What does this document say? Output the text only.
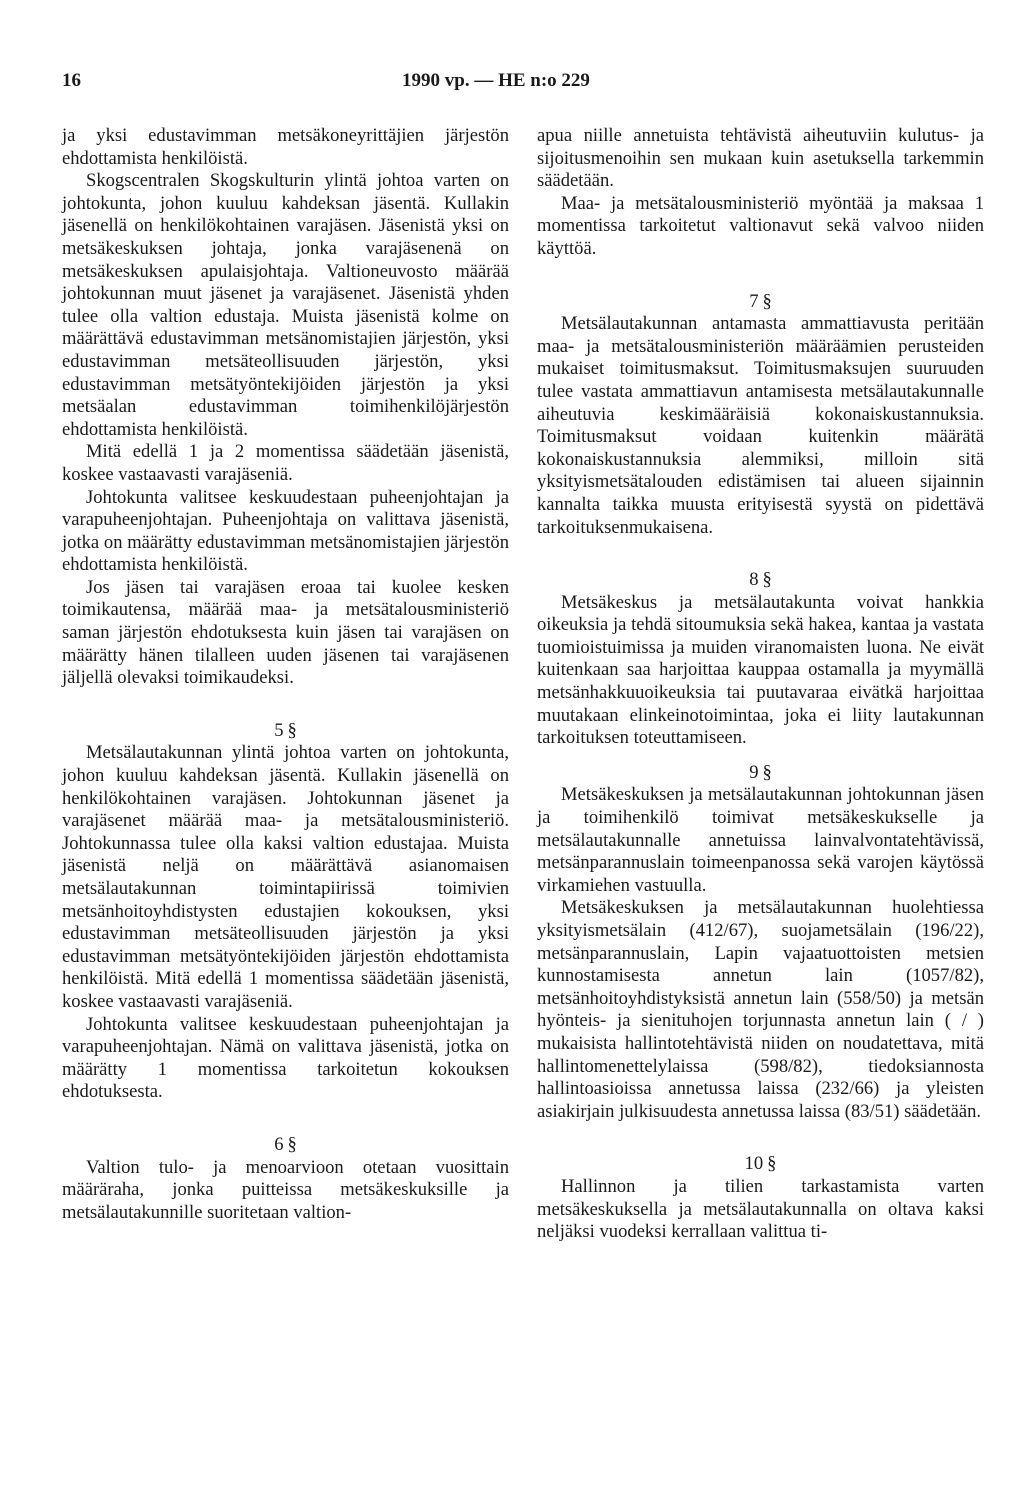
16	1990 vp. — HE n:o 229

ja yksi edustavimman metsäkoneyrittäjien järjestön ehdottamista henkilöistä.

Skogscentralen Skogskulturin ylintä johtoa varten on johtokunta, johon kuuluu kahdeksan jäsentä. Kullakin jäsenellä on henkilökohtainen varajäsen. Jäsenistä yksi on metsäkeskuksen johtaja, jonka varajäsenenä on metsäkeskuksen apulaisjohtaja. Valtioneuvosto määrää johtokunnan muut jäsenet ja varajäsenet. Jäsenistä yhden tulee olla valtion edustaja. Muista jäsenistä kolme on määrättävä edustavimman metsänomistajien järjestön, yksi edustavimman metsäteollisuuden järjestön, yksi edustavimman metsätyöntekijöiden järjestön ja yksi metsäalan edustavimman toimihenkilöjärjestön ehdottamista henkilöistä.

Mitä edellä 1 ja 2 momentissa säädetään jäsenistä, koskee vastaavasti varajäseniä.

Johtokunta valitsee keskuudestaan puheenjohtajan ja varapuheenjohtajan. Puheenjohtaja on valittava jäsenistä, jotka on määrätty edustavimman metsänomistajien järjestön ehdottamista henkilöistä.

Jos jäsen tai varajäsen eroaa tai kuolee kesken toimikautensa, määrää maa- ja metsätalousministeriö saman järjestön ehdotuksesta kuin jäsen tai varajäsen on määrätty hänen tilalleen uuden jäsenen tai varajäsenen jäljellä olevaksi toimikaudeksi.

5 §

Metsälautakunnan ylintä johtoa varten on johtokunta, johon kuuluu kahdeksan jäsentä. Kullakin jäsenellä on henkilökohtainen varajäsen. Johtokunnan jäsenet ja varajäsenet määrää maa- ja metsätalousministeriö. Johtokunnassa tulee olla kaksi valtion edustajaa. Muista jäsenistä neljä on määrättävä asianomaisen metsälautakunnan toimintapiirissä toimivien metsänhoitoyhdistysten edustajien kokouksen, yksi edustavimman metsäteollisuuden järjestön ja yksi edustavimman metsätyöntekijöiden järjestön ehdottamista henkilöistä. Mitä edellä 1 momentissa säädetään jäsenistä, koskee vastaavasti varajäseniä.

Johtokunta valitsee keskuudestaan puheenjohtajan ja varapuheenjohtajan. Nämä on valittava jäsenistä, jotka on määrätty 1 momentissa tarkoitetun kokouksen ehdotuksesta.

6 §

Valtion tulo- ja menoarvioon otetaan vuosittain määräraha, jonka puitteissa metsäkeskuksille ja metsälautakunnille suoritetaan valtion-

apua niille annetuista tehtävistä aiheutuviin kulutus- ja sijoitusmenoihin sen mukaan kuin asetuksella tarkemmin säädetään.

Maa- ja metsätalousministeriö myöntää ja maksaa 1 momentissa tarkoitetut valtionavut sekä valvoo niiden käyttöä.

7 §

Metsälautakunnan antamasta ammattiavusta peritään maa- ja metsätalousministeriön määräämien perusteiden mukaiset toimitusmaksut. Toimitusmaksujen suuruuden tulee vastata ammattiavun antamisesta metsälautakunnalle aiheutuvia keskimääräisiä kokonaiskustannuksia. Toimitusmaksut voidaan kuitenkin määrätä kokonaiskustannuksia alemmiksi, milloin sitä yksityismetsätalouden edistämisen tai alueen sijainnin kannalta taikka muusta erityisestä syystä on pidettävä tarkoituksenmukaisena.

8 §

Metsäkeskus ja metsälautakunta voivat hankkia oikeuksia ja tehdä sitoumuksia sekä hakea, kantaa ja vastata tuomioistuimissa ja muiden viranomaisten luona. Ne eivät kuitenkaan saa harjoittaa kauppaa ostamalla ja myymällä metsänhakkuuoikeuksia tai puutavaraa eivätkä harjoittaa muutakaan elinkeinotoimintaa, joka ei liity lautakunnan tarkoituksen toteuttamiseen.

9 §

Metsäkeskuksen ja metsälautakunnan johtokunnan jäsen ja toimihenkilö toimivat metsäkeskukselle ja metsälautakunnalle annetuissa lainvalvontatehtävissä, metsänparannuslain toimeenpanossa sekä varojen käytössä virkamiehen vastuulla.

Metsäkeskuksen ja metsälautakunnan huolehtiessa yksityismetsälain (412/67), suojametsälain (196/22), metsänparannuslain, Lapin vajaatuottoisten metsien kunnostamisesta annetun lain (1057/82), metsänhoitoyhdistyksistä annetun lain (558/50) ja metsän hyönteis- ja sienituhojen torjunnasta annetun lain ( / ) mukaisista hallintotehtävistä niiden on noudatettava, mitä hallintomenettelylaissa (598/82), tiedoksiannosta hallintoasioissa annetussa laissa (232/66) ja yleisten asiakirjain julkisuudesta annetussa laissa (83/51) säädetään.

10 §

Hallinnon ja tilien tarkastamista varten metsäkeskuksella ja metsälautakunnalla on oltava kaksi neljäksi vuodeksi kerrallaan valittua ti-
